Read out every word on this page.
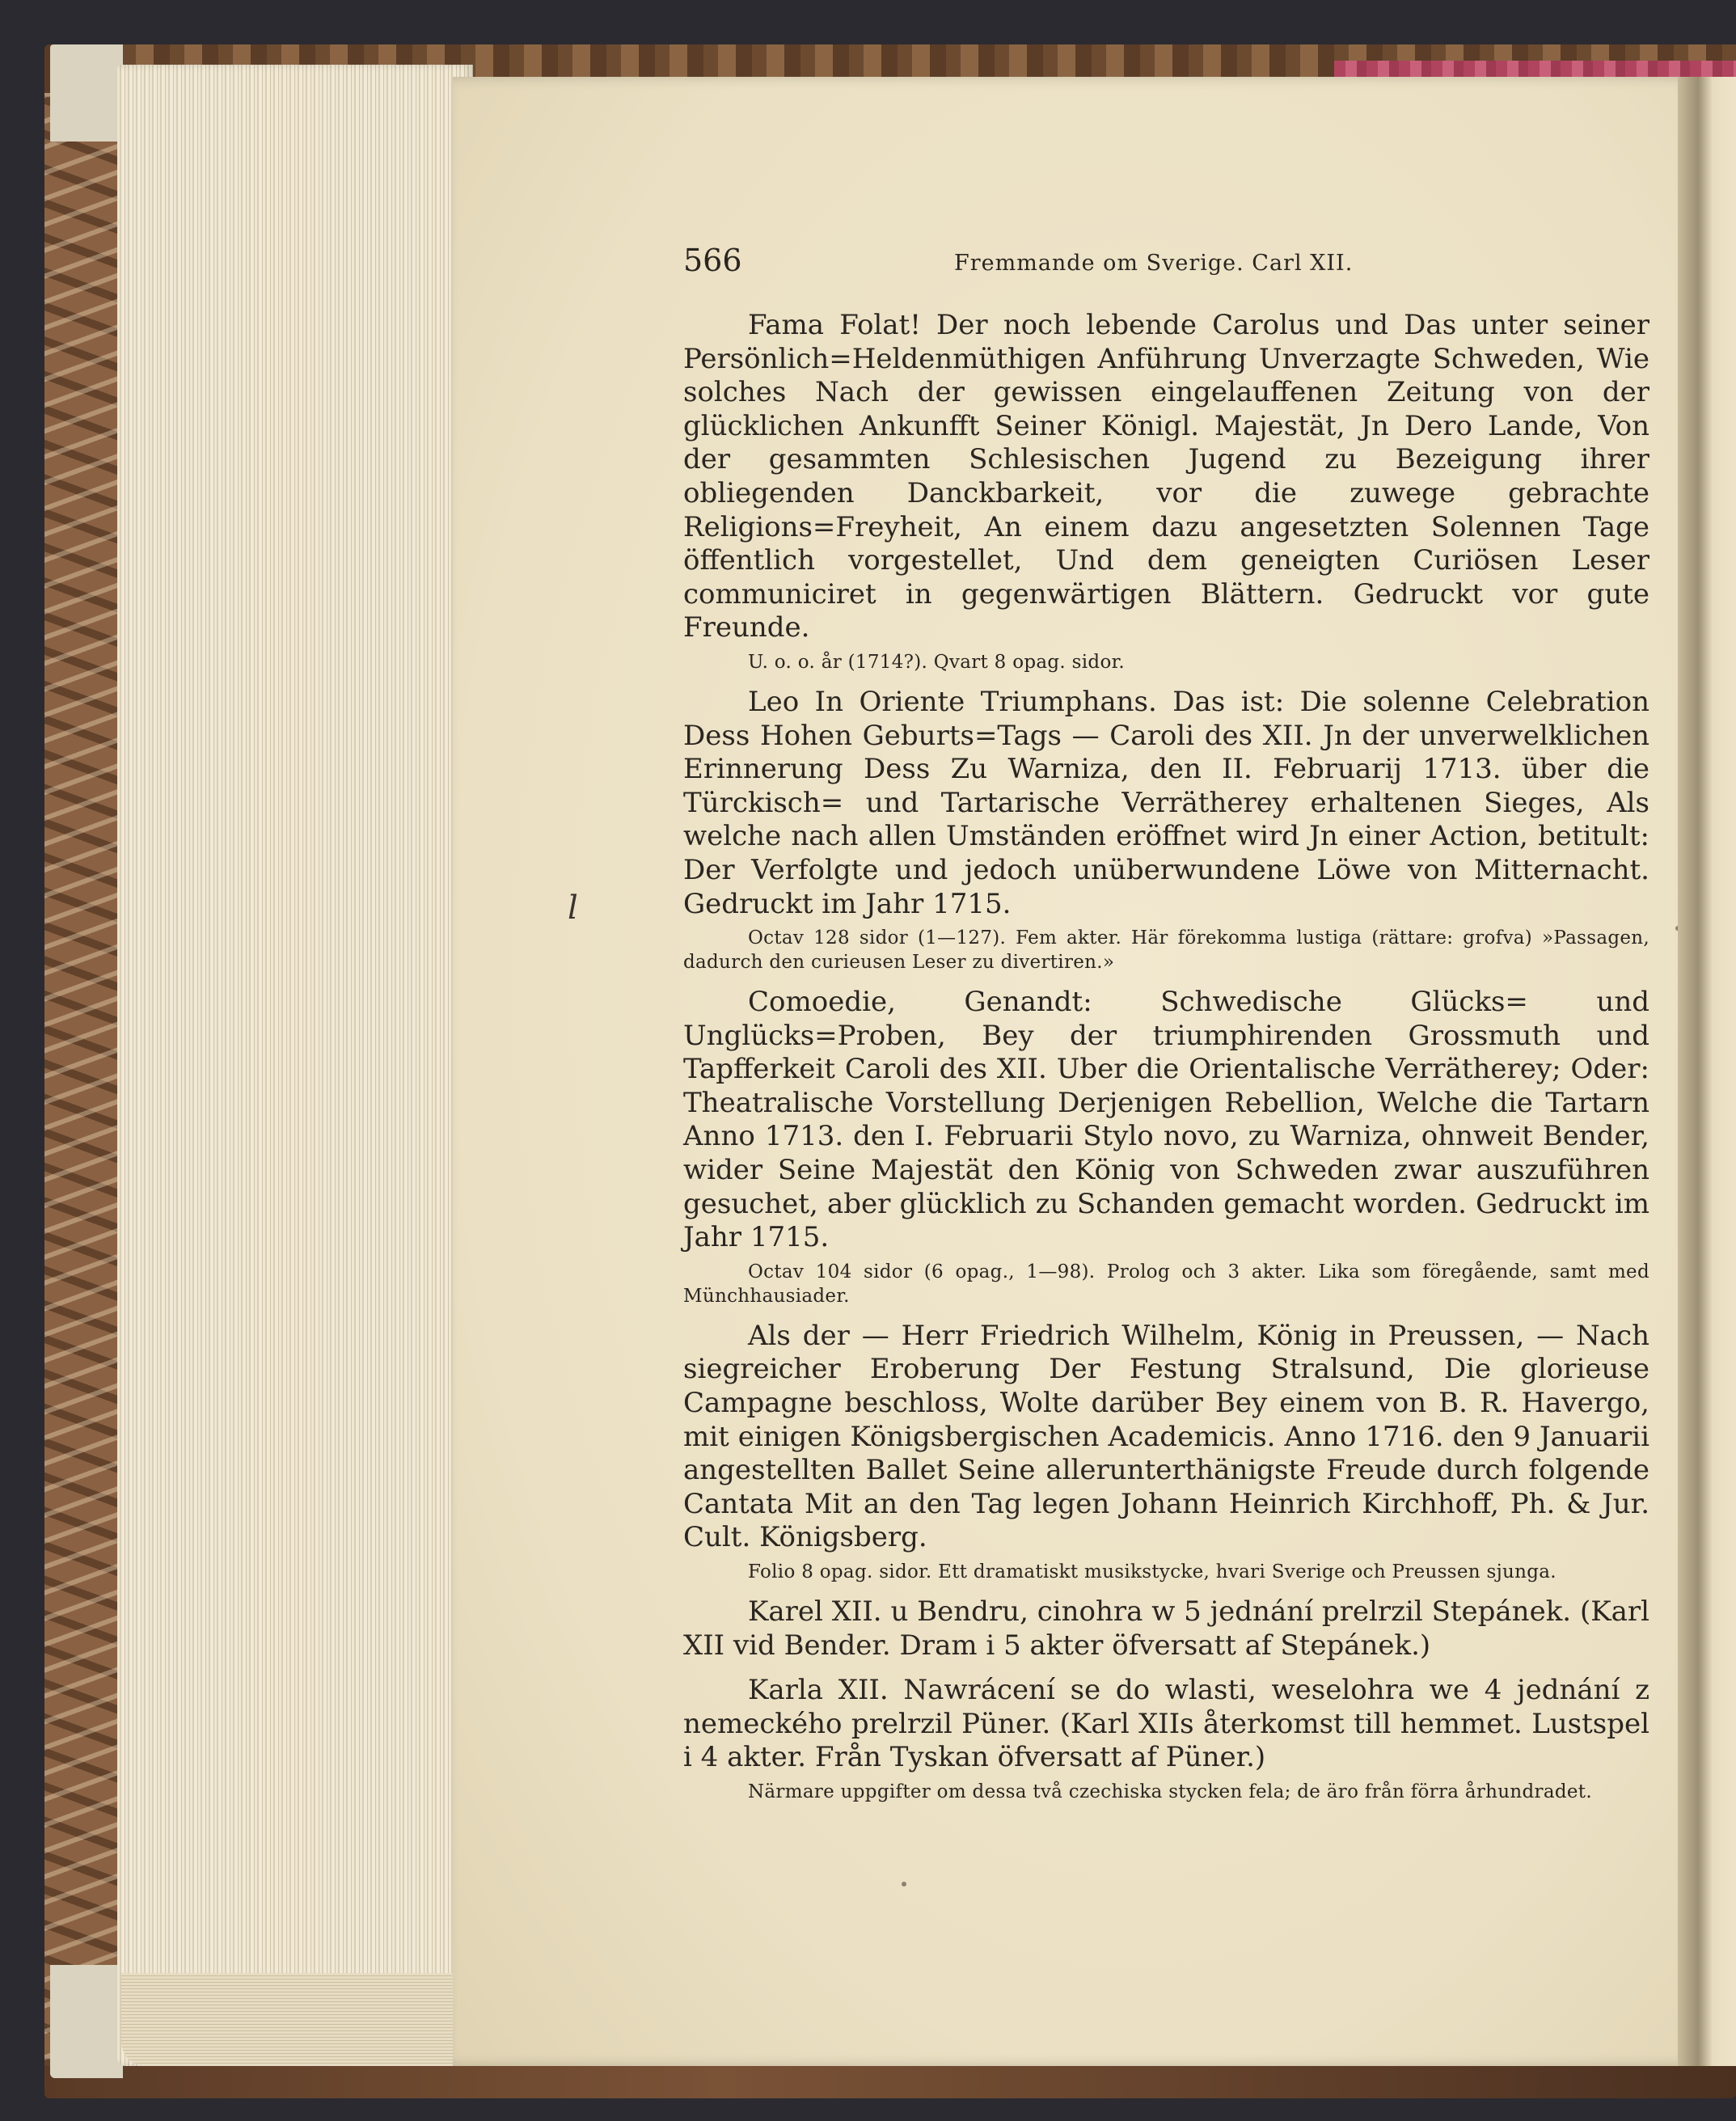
l
566	Fremmande om Sverige. Carl XII.

Fama Folat! Der noch lebende Carolus und Das unter seiner Persönlich=Heldenmüthigen Anführung Unverzagte Schweden, Wie solches Nach der gewissen eingelauffenen Zeitung von der glücklichen Ankunfft Seiner Königl. Majestät, Jn Dero Lande, Von der gesammten Schlesischen Jugend zu Bezeigung ihrer obliegenden Danckbarkeit, vor die zuwege gebrachte Religions=Freyheit, An einem dazu angesetzten Solennen Tage öffentlich vorgestellet, Und dem geneigten Curiösen Leser communiciret in gegenwärtigen Blättern. Gedruckt vor gute Freunde.

U. o. o. år (1714?). Qvart 8 opag. sidor.

Leo In Oriente Triumphans. Das ist: Die solenne Celebration Dess Hohen Geburts=Tags — Caroli des XII. Jn der unverwelklichen Erinnerung Dess Zu Warniza, den II. Februarij 1713. über die Türckisch= und Tartarische Verrätherey erhaltenen Sieges, Als welche nach allen Umständen eröffnet wird Jn einer Action, betitult: Der Verfolgte und jedoch unüberwundene Löwe von Mitternacht. Gedruckt im Jahr 1715.

Octav 128 sidor (1—127). Fem akter. Här förekomma lustiga (rättare: grofva) »Passagen, dadurch den curieusen Leser zu divertiren.»

Comoedie, Genandt: Schwedische Glücks= und Unglücks=Proben, Bey der triumphirenden Grossmuth und Tapfferkeit Caroli des XII. Uber die Orientalische Verrätherey; Oder: Theatralische Vorstellung Derjenigen Rebellion, Welche die Tartarn Anno 1713. den I. Februarii Stylo novo, zu Warniza, ohnweit Bender, wider Seine Majestät den König von Schweden zwar auszuführen gesuchet, aber glücklich zu Schanden gemacht worden. Gedruckt im Jahr 1715.

Octav 104 sidor (6 opag., 1—98). Prolog och 3 akter. Lika som föregående, samt med Münchhausiader.

Als der — Herr Friedrich Wilhelm, König in Preussen, — Nach siegreicher Eroberung Der Festung Stralsund, Die glorieuse Campagne beschloss, Wolte darüber Bey einem von B. R. Havergo, mit einigen Königsbergischen Academicis. Anno 1716. den 9 Januarii angestellten Ballet Seine allerunterthänigste Freude durch folgende Cantata Mit an den Tag legen Johann Heinrich Kirchhoff, Ph. & Jur. Cult. Königsberg.

Folio 8 opag. sidor. Ett dramatiskt musikstycke, hvari Sverige och Preussen sjunga.

Karel XII. u Bendru, cinohra w 5 jednání prelrzil Stepánek. (Karl XII vid Bender. Dram i 5 akter öfversatt af Stepánek.)

Karla XII. Nawrácení se do wlasti, weselohra we 4 jednání z nemeckého prelrzil Püner. (Karl XIIs återkomst till hemmet. Lustspel i 4 akter. Från Tyskan öfversatt af Püner.)

Närmare uppgifter om dessa två czechiska stycken fela; de äro från förra århundradet.
